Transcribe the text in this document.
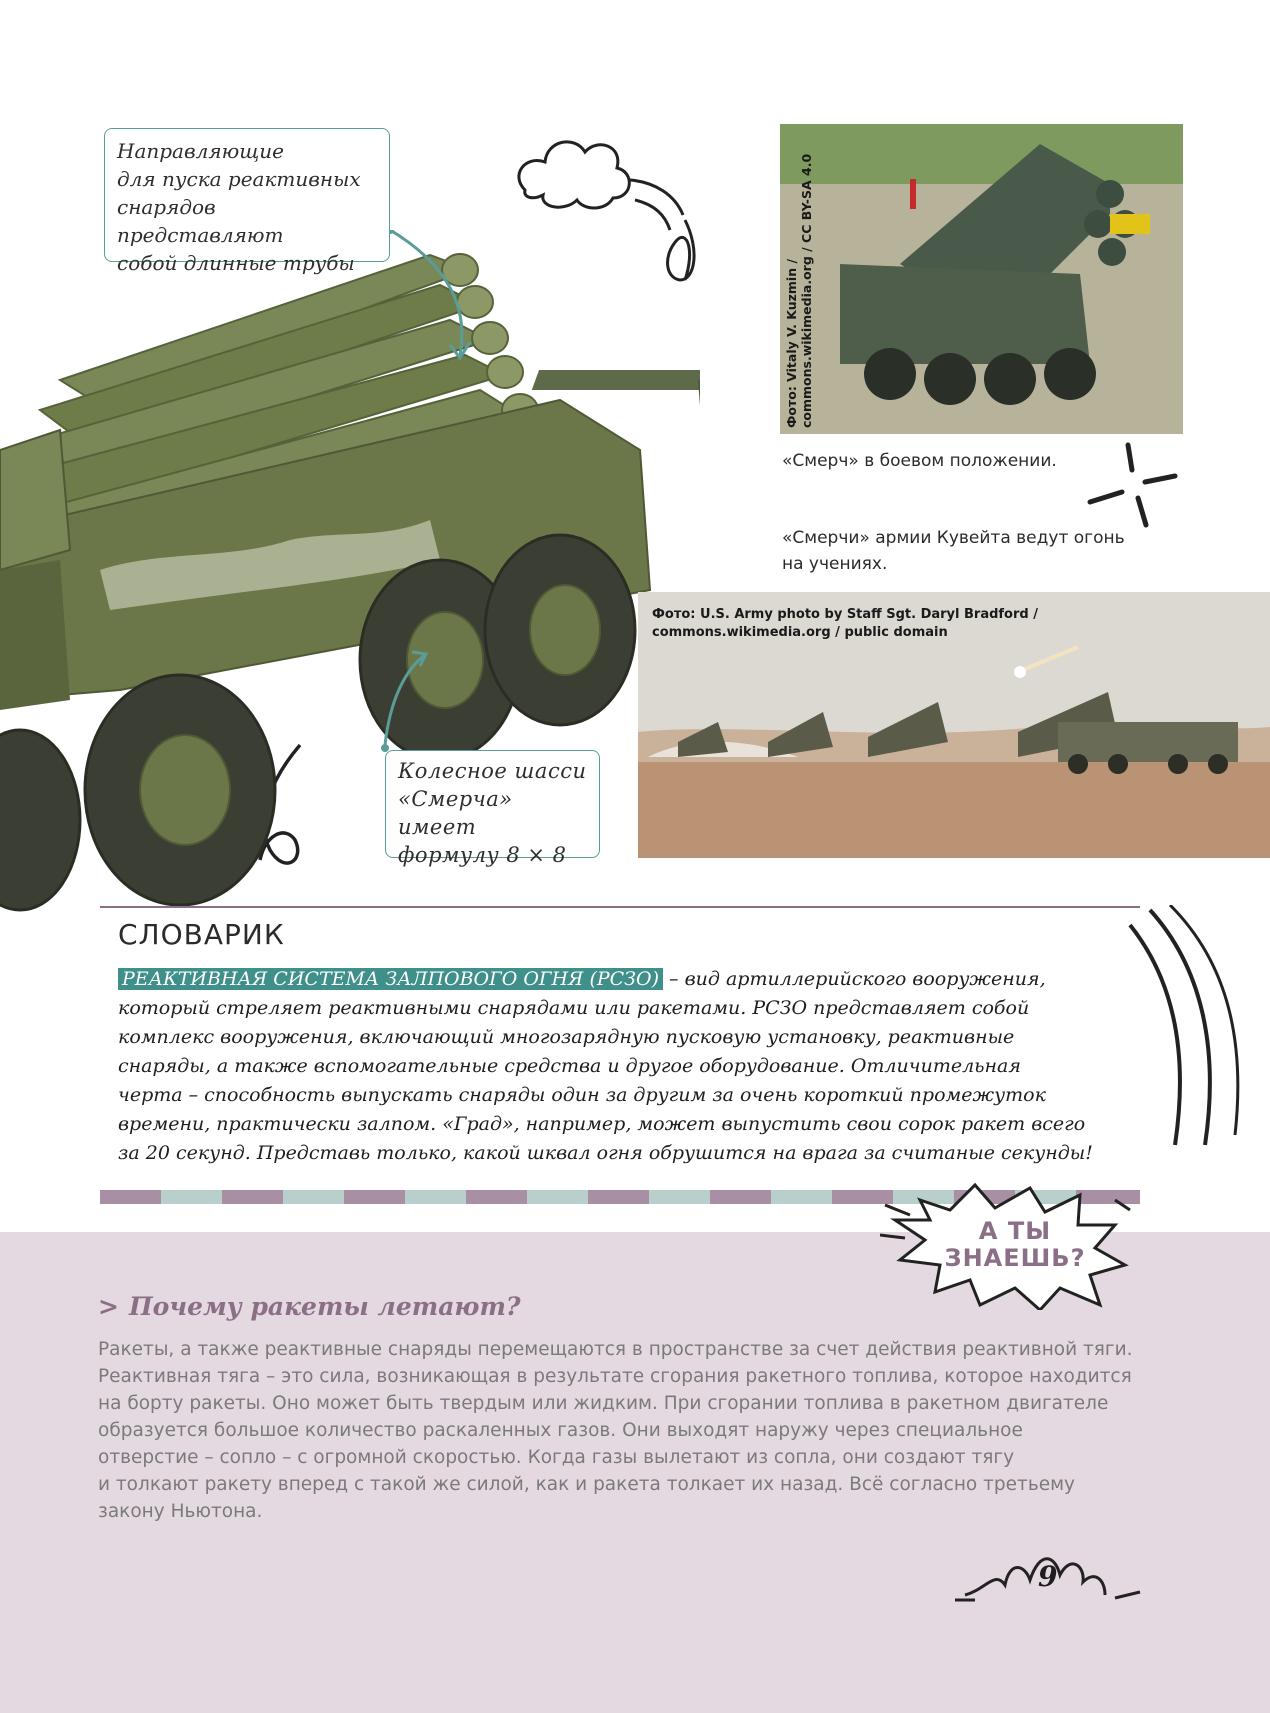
Направляющие
для пуска реактивных
снарядов представляют
собой длинные трубы
Колесное шасси
«Смерча» имеет
формулу 8 × 8
Фото: Vitaly V. Kuzmin / commons.wikimedia.org / CC BY-SA 4.0
«Смерч» в боевом положении.
«Смерчи» армии Кувейта ведут огонь
на учениях.
Фото: U.S. Army photo by Staff Sgt. Daryl Bradford /
commons.wikimedia.org / public domain
СЛОВАРИК
РЕАКТИВНАЯ СИСТЕМА ЗАЛПОВОГО ОГНЯ (РСЗО) – вид артиллерийского вооружения,
который стреляет реактивными снарядами или ракетами. РСЗО представляет собой
комплекс вооружения, включающий многозарядную пусковую установку, реактивные
снаряды, а также вспомогательные средства и другое оборудование. Отличительная
черта – способность выпускать снаряды один за другим за очень короткий промежуток
времени, практически залпом. «Град», например, может выпустить свои сорок ракет всего
за 20 секунд. Представь только, какой шквал огня обрушится на врага за считаные секунды!
А ТЫ
ЗНАЕШЬ?
> Почему ракеты летают?
Ракеты, а также реактивные снаряды перемещаются в пространстве за счет действия реактивной тяги.
Реактивная тяга – это сила, возникающая в результате сгорания ракетного топлива, которое находится
на борту ракеты. Оно может быть твердым или жидким. При сгорании топлива в ракетном двигателе
образуется большое количество раскаленных газов. Они выходят наружу через специальное
отверстие – сопло – с огромной скоростью. Когда газы вылетают из сопла, они создают тягу
и толкают ракету вперед с такой же силой, как и ракета толкает их назад. Всё согласно третьему
закону Ньютона.
9
